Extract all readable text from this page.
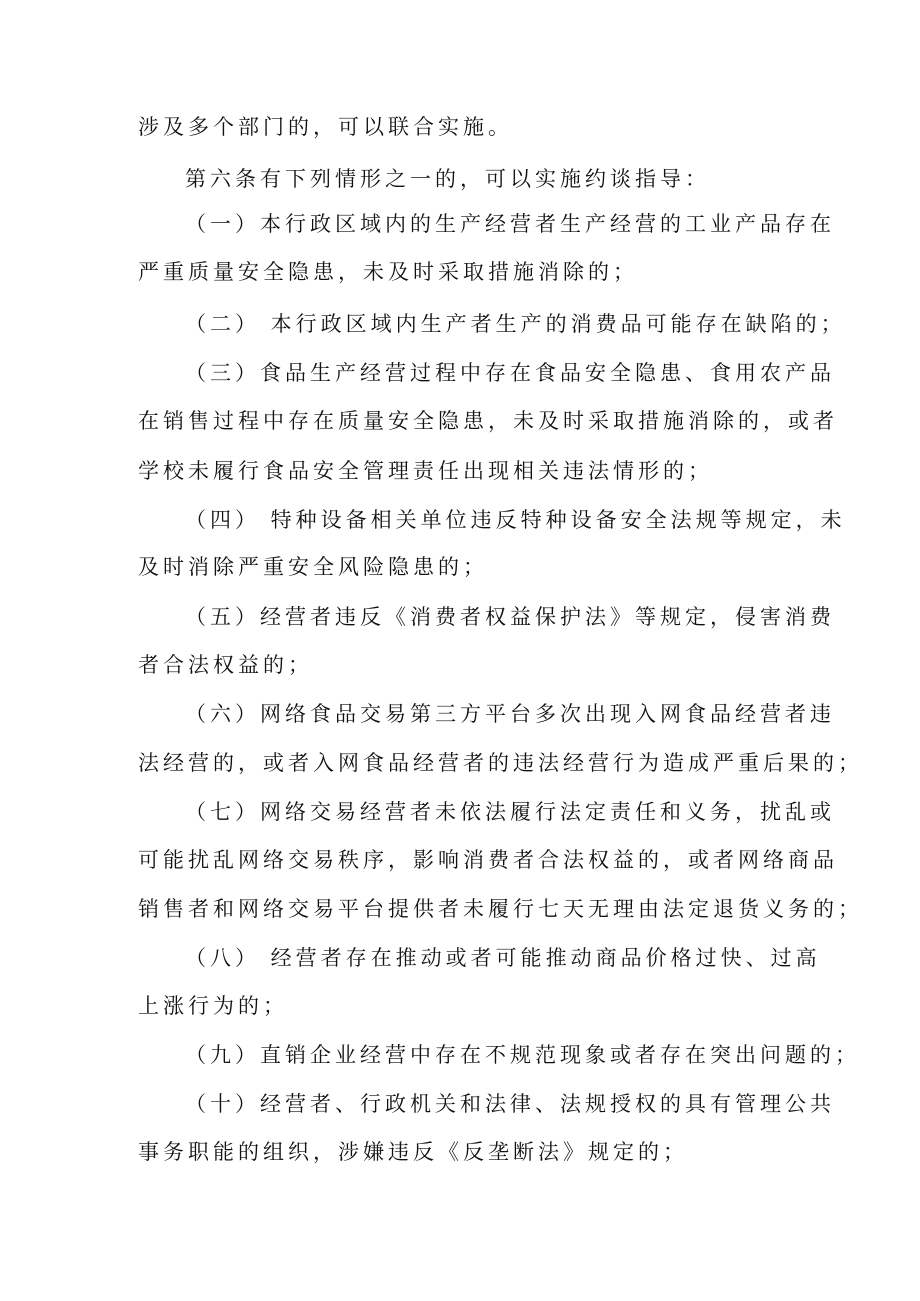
涉及多个部门的，可以联合实施。
第六条有下列情形之一的，可以实施约谈指导：
（一）本行政区域内的生产经营者生产经营的工业产品存在
严重质量安全隐患，未及时采取措施消除的；
（二） 本行政区域内生产者生产的消费品可能存在缺陷的；
（三）食品生产经营过程中存在食品安全隐患、食用农产品
在销售过程中存在质量安全隐患，未及时采取措施消除的，或者
学校未履行食品安全管理责任出现相关违法情形的；
（四） 特种设备相关单位违反特种设备安全法规等规定，未
及时消除严重安全风险隐患的；
（五）经营者违反《消费者权益保护法》等规定，侵害消费
者合法权益的；
（六）网络食品交易第三方平台多次出现入网食品经营者违
法经营的，或者入网食品经营者的违法经营行为造成严重后果的；
（七）网络交易经营者未依法履行法定责任和义务，扰乱或
可能扰乱网络交易秩序，影响消费者合法权益的，或者网络商品
销售者和网络交易平台提供者未履行七天无理由法定退货义务的；
（八） 经营者存在推动或者可能推动商品价格过快、过高
上涨行为的；
（九）直销企业经营中存在不规范现象或者存在突出问题的；
（十）经营者、行政机关和法律、法规授权的具有管理公共
事务职能的组织，涉嫌违反《反垄断法》规定的；
